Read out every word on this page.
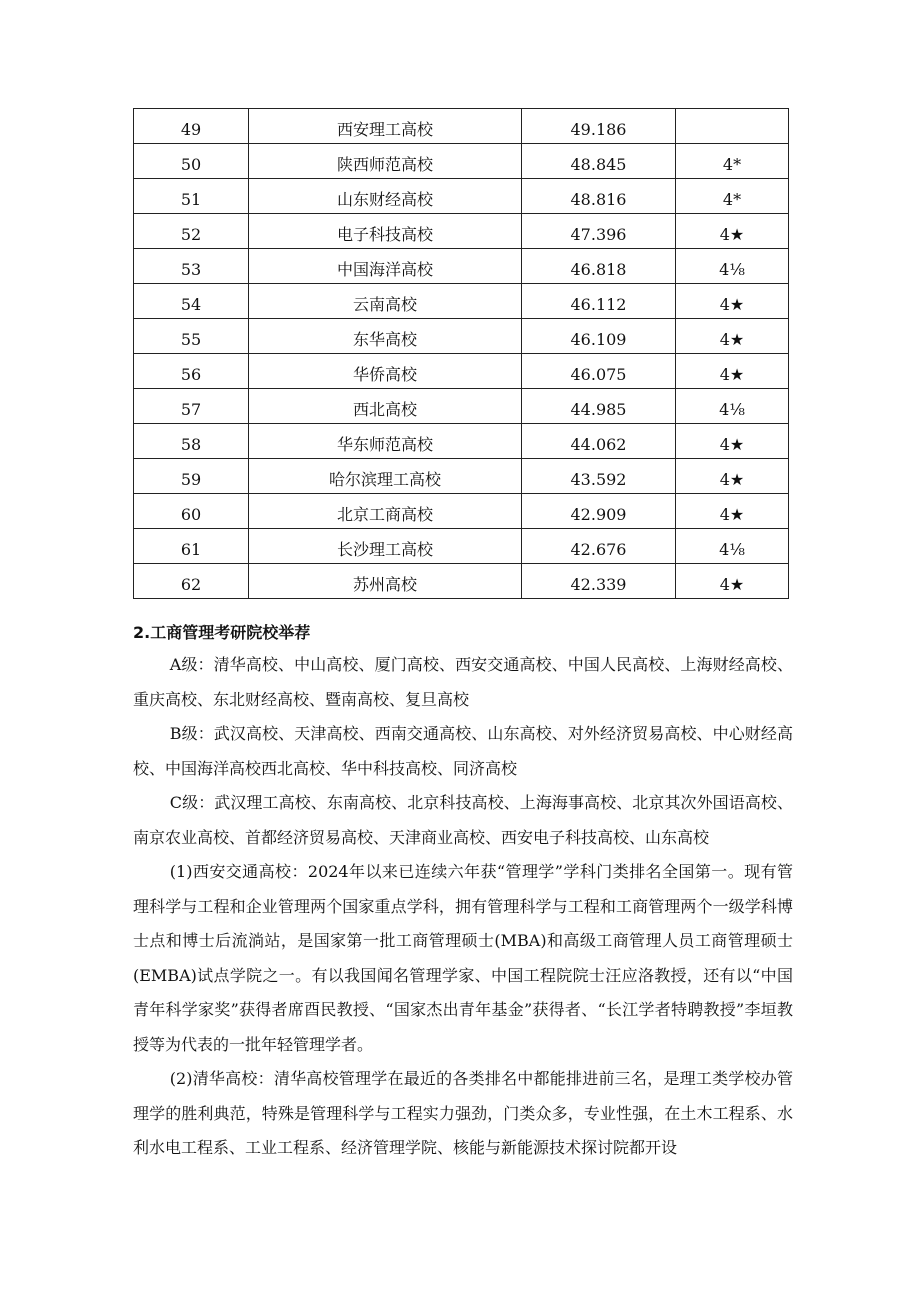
49	西安理工高校	49.186	
50	陕西师范高校	48.845	4*
51	山东财经高校	48.816	4*
52	电子科技高校	47.396	4★
53	中国海洋高校	46.818	4⅛
54	云南高校	46.112	4★
55	东华高校	46.109	4★
56	华侨高校	46.075	4★
57	西北高校	44.985	4⅛
58	华东师范高校	44.062	4★
59	哈尔滨理工高校	43.592	4★
60	北京工商高校	42.909	4★
61	长沙理工高校	42.676	4⅛
62	苏州高校	42.339	4★
2.工商管理考研院校举荐

A级：清华高校、中山高校、厦门高校、西安交通高校、中国人民高校、上海财经高校、重庆高校、东北财经高校、暨南高校、复旦高校

B级：武汉高校、天津高校、西南交通高校、山东高校、对外经济贸易高校、中心财经高校、中国海洋高校西北高校、华中科技高校、同济高校

C级：武汉理工高校、东南高校、北京科技高校、上海海事高校、北京其次外国语高校、南京农业高校、首都经济贸易高校、天津商业高校、西安电子科技高校、山东高校

(1)西安交通高校：2024年以来已连续六年获“管理学”学科门类排名全国第一。现有管理科学与工程和企业管理两个国家重点学科，拥有管理科学与工程和工商管理两个一级学科博士点和博士后流淌站，是国家第一批工商管理硕士(MBA)和高级工商管理人员工商管理硕士(EMBA)试点学院之一。有以我国闻名管理学家、中国工程院院士汪应洛教授，还有以“中国青年科学家奖”获得者席酉民教授、“国家杰出青年基金”获得者、“长江学者特聘教授”李垣教授等为代表的一批年轻管理学者。

(2)清华高校：清华高校管理学在最近的各类排名中都能排进前三名，是理工类学校办管理学的胜利典范，特殊是管理科学与工程实力强劲，门类众多，专业性强，在土木工程系、水利水电工程系、工业工程系、经济管理学院、核能与新能源技术探讨院都开设
